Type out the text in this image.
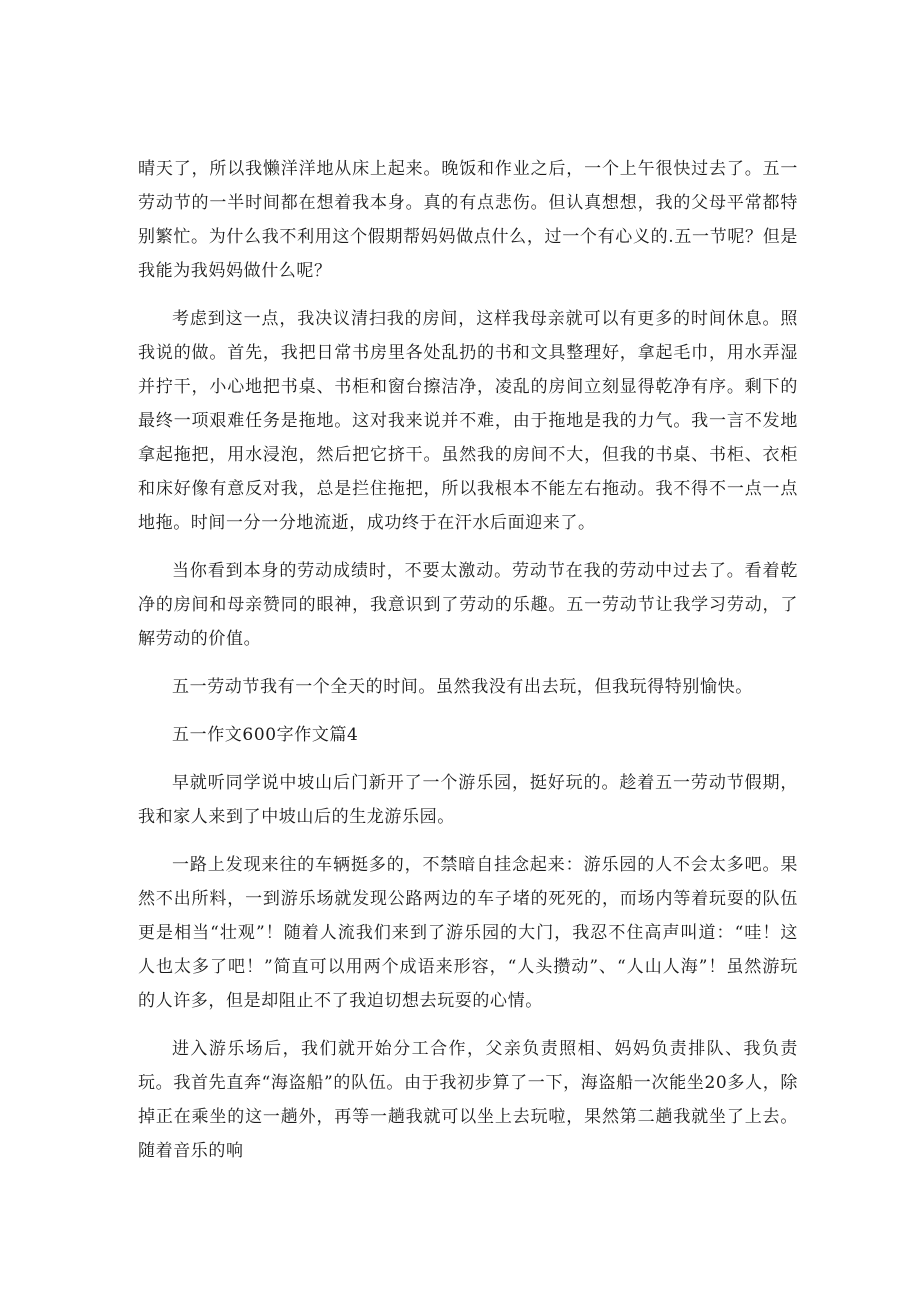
晴天了，所以我懒洋洋地从床上起来。晚饭和作业之后，一个上午很快过去了。五一劳动节的一半时间都在想着我本身。真的有点悲伤。但认真想想，我的父母平常都特别繁忙。为什么我不利用这个假期帮妈妈做点什么，过一个有心义的.五一节呢？但是我能为我妈妈做什么呢？

考虑到这一点，我决议清扫我的房间，这样我母亲就可以有更多的时间休息。照我说的做。首先，我把日常书房里各处乱扔的书和文具整理好，拿起毛巾，用水弄湿并拧干，小心地把书桌、书柜和窗台擦洁净，凌乱的房间立刻显得乾净有序。剩下的最终一项艰难任务是拖地。这对我来说并不难，由于拖地是我的力气。我一言不发地拿起拖把，用水浸泡，然后把它挤干。虽然我的房间不大，但我的书桌、书柜、衣柜和床好像有意反对我，总是拦住拖把，所以我根本不能左右拖动。我不得不一点一点地拖。时间一分一分地流逝，成功终于在汗水后面迎来了。

当你看到本身的劳动成绩时，不要太激动。劳动节在我的劳动中过去了。看着乾净的房间和母亲赞同的眼神，我意识到了劳动的乐趣。五一劳动节让我学习劳动，了解劳动的价值。

五一劳动节我有一个全天的时间。虽然我没有出去玩，但我玩得特别愉快。

五一作文600字作文篇4

早就听同学说中坡山后门新开了一个游乐园，挺好玩的。趁着五一劳动节假期，我和家人来到了中坡山后的生龙游乐园。

一路上发现来往的车辆挺多的，不禁暗自挂念起来：游乐园的人不会太多吧。果然不出所料，一到游乐场就发现公路两边的车子堵的死死的，而场内等着玩耍的队伍更是相当“壮观”！随着人流我们来到了游乐园的大门，我忍不住高声叫道：“哇！这人也太多了吧！”简直可以用两个成语来形容，“人头攒动”、“人山人海”！虽然游玩的人许多，但是却阻止不了我迫切想去玩耍的心情。

进入游乐场后，我们就开始分工合作，父亲负责照相、妈妈负责排队、我负责玩。我首先直奔“海盗船”的队伍。由于我初步算了一下，海盗船一次能坐20多人，除掉正在乘坐的这一趟外，再等一趟我就可以坐上去玩啦，果然第二趟我就坐了上去。随着音乐的响
